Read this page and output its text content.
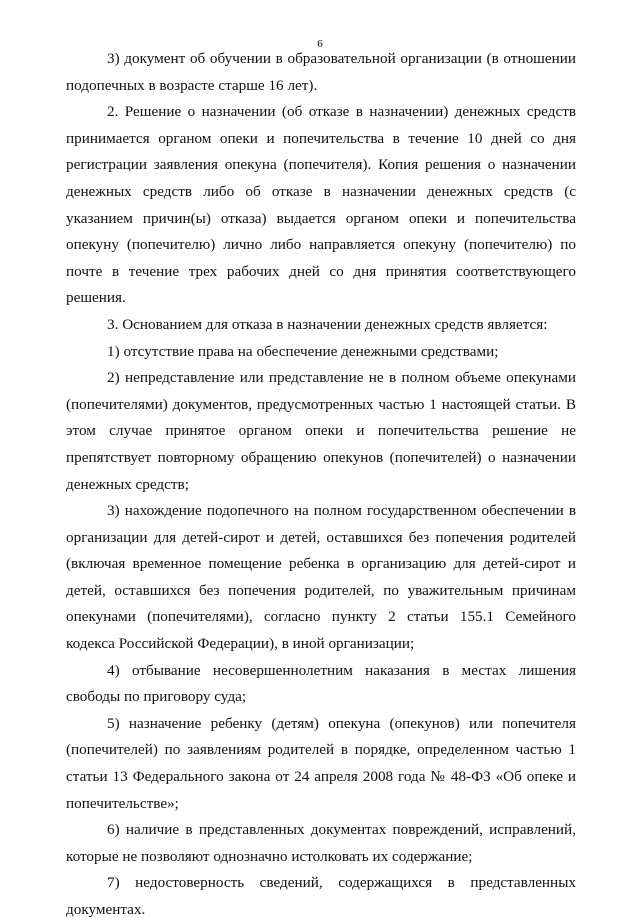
6

3) документ об обучении в образовательной организации (в отношении подопечных в возрасте старше 16 лет).

2. Решение о назначении (об отказе в назначении) денежных средств принимается органом опеки и попечительства в течение 10 дней со дня регистрации заявления опекуна (попечителя). Копия решения о назначении денежных средств либо об отказе в назначении денежных средств (с указанием причин(ы) отказа) выдается органом опеки и попечительства опекуну (попечителю) лично либо направляется опекуну (попечителю) по почте в течение трех рабочих дней со дня принятия соответствующего решения.

3. Основанием для отказа в назначении денежных средств является:

1) отсутствие права на обеспечение денежными средствами;

2) непредставление или представление не в полном объеме опекунами (попечителями) документов, предусмотренных частью 1 настоящей статьи. В этом случае принятое органом опеки и попечительства решение не препятствует повторному обращению опекунов (попечителей) о назначении денежных средств;

3) нахождение подопечного на полном государственном обеспечении в организации для детей-сирот и детей, оставшихся без попечения родителей (включая временное помещение ребенка в организацию для детей-сирот и детей, оставшихся без попечения родителей, по уважительным причинам опекунами (попечителями), согласно пункту 2 статьи 155.1 Семейного кодекса Российской Федерации), в иной организации;

4) отбывание несовершеннолетним наказания в местах лишения свободы по приговору суда;

5) назначение ребенку (детям) опекуна (опекунов) или попечителя (попечителей) по заявлениям родителей в порядке, определенном частью 1 статьи 13 Федерального закона от 24 апреля 2008 года № 48-ФЗ «Об опеке и попечительстве»;

6) наличие в представленных документах повреждений, исправлений, которые не позволяют однозначно истолковать их содержание;

7) недостоверность сведений, содержащихся в представленных документах.
